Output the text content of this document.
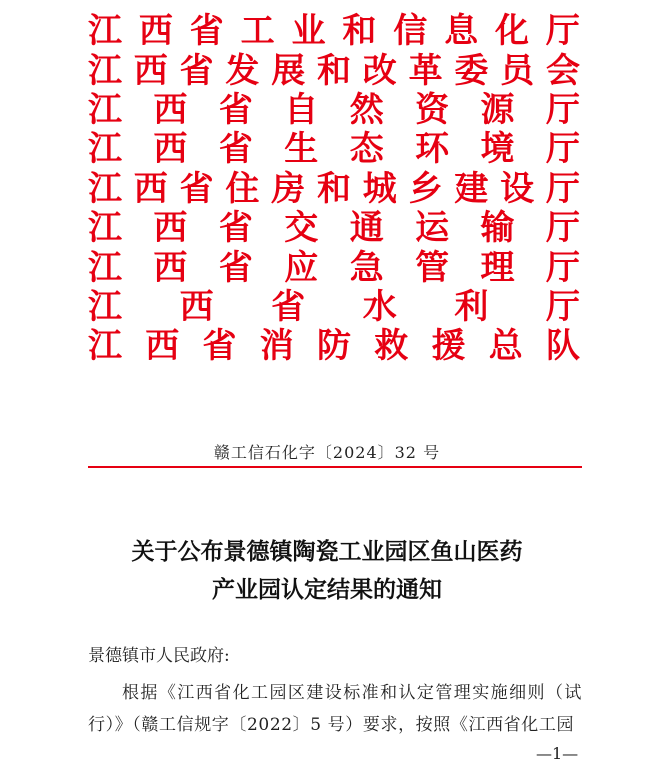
江 西 省 工 业 和 信 息 化 厅
江 西 省 发 展 和 改 革 委 员 会
江 西 省 自 然 资 源 厅
江 西 省 生 态 环 境 厅
江 西 省 住 房 和 城 乡 建 设 厅
江 西 省 交 通 运 输 厅
江 西 省 应 急 管 理 厅
江 西 省 水 利 厅
江 西 省 消 防 救 援 总 队
赣工信石化字〔2024〕32 号
关于公布景德镇陶瓷工业园区鱼山医药
产业园认定结果的通知
景德镇市人民政府:
根据《江西省化工园区建设标准和认定管理实施细则（试行）》（赣工信规字〔2022〕5 号）要求，按照《江西省化工园
—1—
